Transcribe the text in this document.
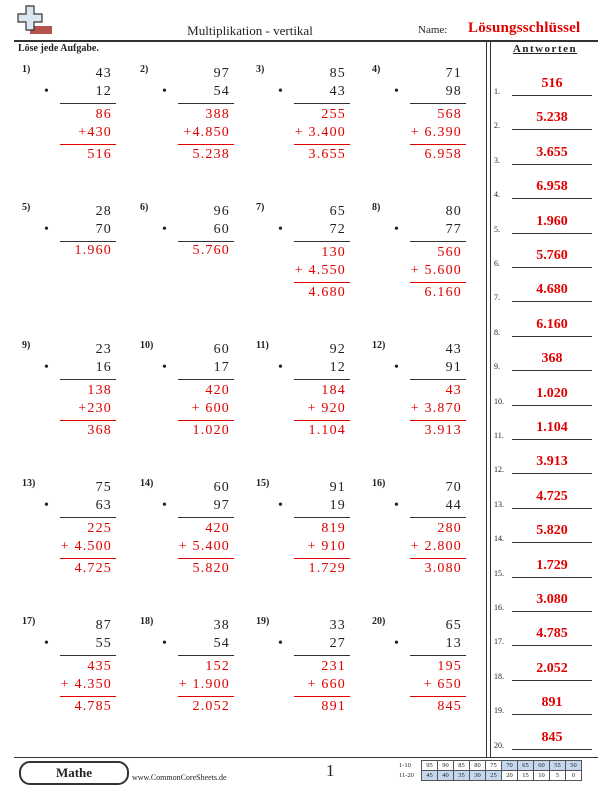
Multiplikation - vertikal	Name: Lösungsschlüssel
Löse jede Aufgabe.	Antworten
1)	43
•	12
86
+430
516
2)	97
•	54
388
+4.850
5.238
3)	85
•	43
255
+ 3.400
3.655
4)	71
•	98
568
+ 6.390
6.958
5)	28
•	70
1.960
6)	96
•	60
5.760
7)	65
•	72
130
+ 4.550
4.680
8)	80
•	77
560
+ 5.600
6.160
9)	23
•	16
138
+230
368
10)	60
•	17
420
+ 600
1.020
11)	92
•	12
184
+ 920
1.104
12)	43
•	91
43
+ 3.870
3.913
13)	75
•	63
225
+ 4.500
4.725
14)	60
•	97
420
+ 5.400
5.820
15)	91
•	19
819
+ 910
1.729
16)	70
•	44
280
+ 2.800
3.080
17)	87
•	55
435
+ 4.350
4.785
18)	38
•	54
152
+ 1.900
2.052
19)	33
•	27
231
+ 660
891
20)	65
•	13
195
+ 650
845
1.
516
2.
5.238
3.
3.655
4.
6.958
5.
1.960
6.
5.760
7.
4.680
8.
6.160
9.
368
10.
1.020
11.
1.104
12.
3.913
13.
4.725
14.
5.820
15.
1.729
16.
3.080
17.
4.785
18.
2.052
19.
891
20.
845
Mathe	www.CommonCoreSheets.de	1	1-10	95	90	85	80	75	70	65	60	55	50
11-20	45	40	35	30	25	20	15	10	5	0
